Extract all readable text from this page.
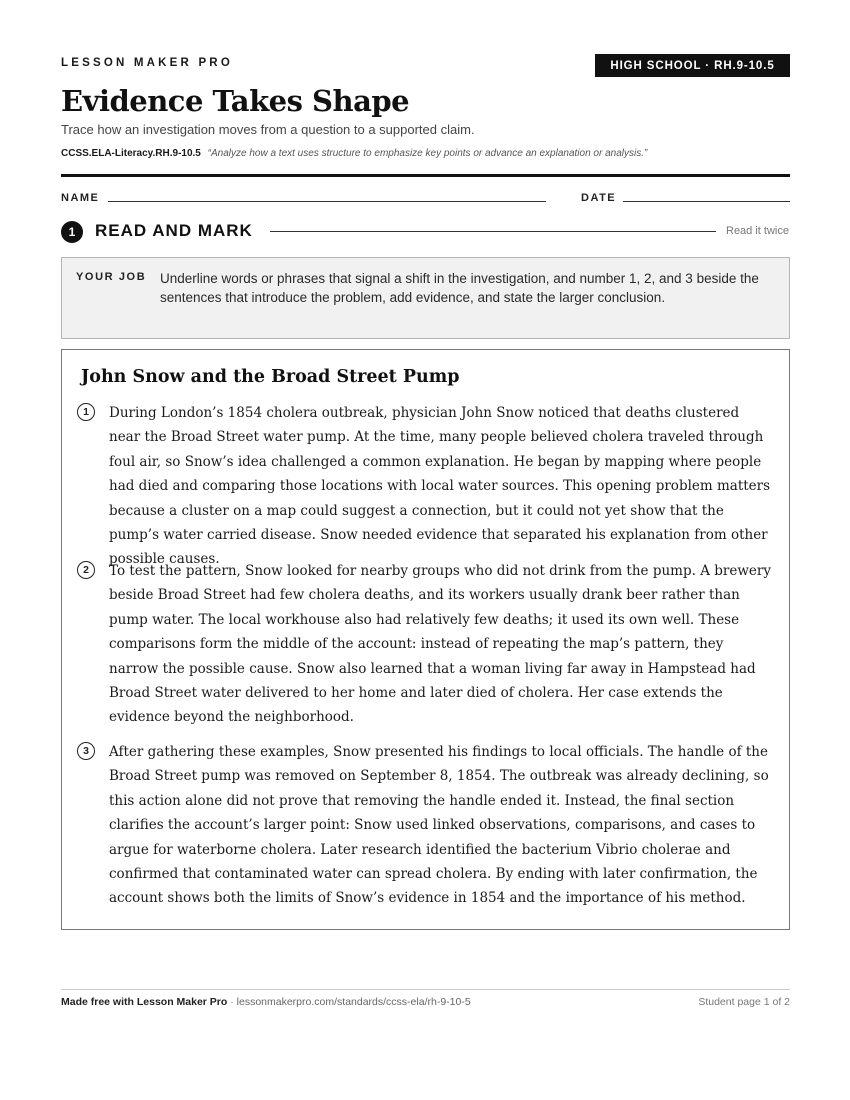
LESSON MAKER PRO	HIGH SCHOOL · RH.9-10.5
Evidence Takes Shape
Trace how an investigation moves from a question to a supported claim.
CCSS.ELA-Literacy.RH.9-10.5 “Analyze how a text uses structure to emphasize key points or advance an explanation or analysis.”
NAME	DATE
1	READ AND MARK	Read it twice
YOUR JOB Underline words or phrases that signal a shift in the investigation, and number 1, 2, and 3 beside the sentences that introduce the problem, add evidence, and state the larger conclusion.
John Snow and the Broad Street Pump
1	During London’s 1854 cholera outbreak, physician John Snow noticed that deaths clustered near the Broad Street water pump. At the time, many people believed cholera traveled through foul air, so Snow’s idea challenged a common explanation. He began by mapping where people had died and comparing those locations with local water sources. This opening problem matters because a cluster on a map could suggest a connection, but it could not yet show that the pump’s water carried disease. Snow needed evidence that separated his explanation from other possible causes.
2	To test the pattern, Snow looked for nearby groups who did not drink from the pump. A brewery beside Broad Street had few cholera deaths, and its workers usually drank beer rather than pump water. The local workhouse also had relatively few deaths; it used its own well. These comparisons form the middle of the account: instead of repeating the map’s pattern, they narrow the possible cause. Snow also learned that a woman living far away in Hampstead had Broad Street water delivered to her home and later died of cholera. Her case extends the evidence beyond the neighborhood.
3	After gathering these examples, Snow presented his findings to local officials. The handle of the Broad Street pump was removed on September 8, 1854. The outbreak was already declining, so this action alone did not prove that removing the handle ended it. Instead, the final section clarifies the account’s larger point: Snow used linked observations, comparisons, and cases to argue for waterborne cholera. Later research identified the bacterium Vibrio cholerae and confirmed that contaminated water can spread cholera. By ending with later confirmation, the account shows both the limits of Snow’s evidence in 1854 and the importance of his method.
Made free with Lesson Maker Pro · lessonmakerpro.com/standards/ccss-ela/rh-9-10-5	Student page 1 of 2
